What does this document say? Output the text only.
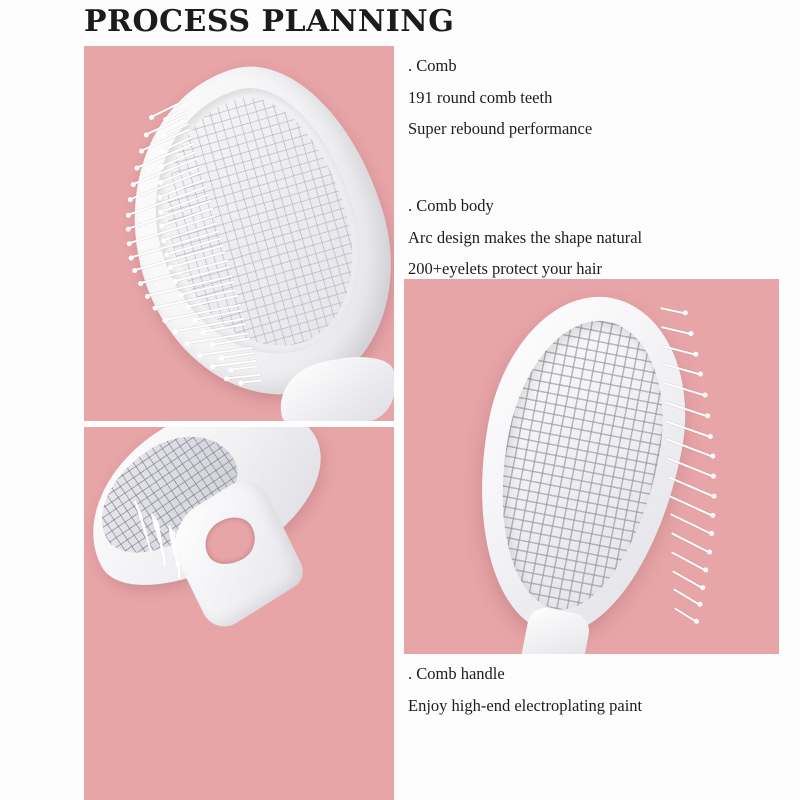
PROCESS PLANNING
. Comb
191 round comb teeth
Super rebound performance
. Comb body
Arc design makes the shape natural
200+eyelets protect your hair
. Comb handle
Enjoy high-end electroplating paint
